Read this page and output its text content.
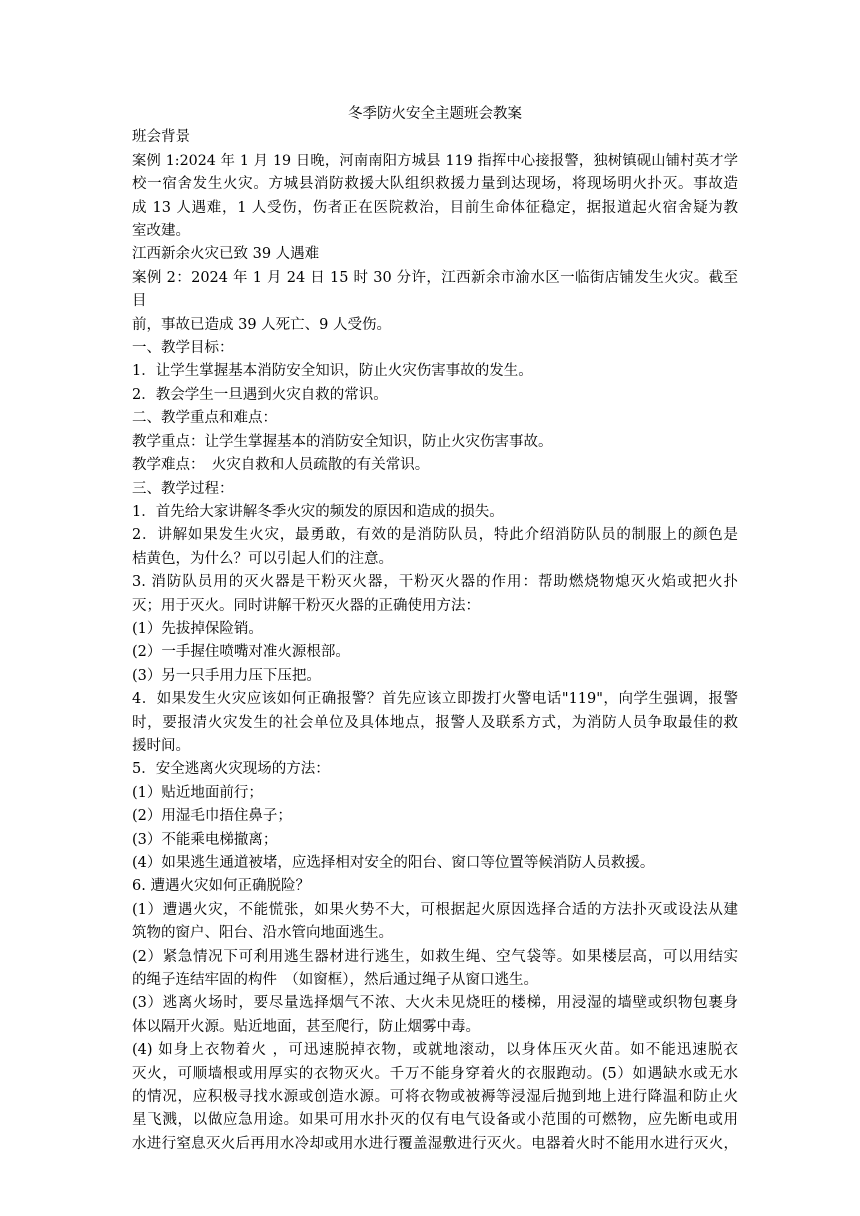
冬季防火安全主题班会教案

班会背景

案例 1:2024 年 1 月 19 日晚，河南南阳方城县 119 指挥中心接报警，独树镇砚山铺村英才学

校一宿舍发生火灾。方城县消防救援大队组织救援力量到达现场，将现场明火扑灭。事故造

成 13 人遇难，1 人受伤，伤者正在医院救治，目前生命体征稳定，据报道起火宿舍疑为教

室改建。

江西新余火灾已致 39 人遇难

案例 2：2024 年 1 月 24 日 15 时 30 分许，江西新余市渝水区一临街店铺发生火灾。截至目

前，事故已造成 39 人死亡、9 人受伤。

一、教学目标：

1．让学生掌握基本消防安全知识，防止火灾伤害事故的发生。

2．教会学生一旦遇到火灾自救的常识。

二、教学重点和难点：

教学重点：让学生掌握基本的消防安全知识，防止火灾伤害事故。

教学难点：　火灾自救和人员疏散的有关常识。

三、教学过程：

1．首先给大家讲解冬季火灾的频发的原因和造成的损失。

2．讲解如果发生火灾，最勇敢，有效的是消防队员，特此介绍消防队员的制服上的颜色是

桔黄色，为什么？可以引起人们的注意。

3. 消防队员用的灭火器是干粉灭火器，干粉灭火器的作用：帮助燃烧物熄灭火焰或把火扑

灭；用于灭火。同时讲解干粉灭火器的正确使用方法：

(1）先拔掉保险销。

(2）一手握住喷嘴对准火源根部。

(3）另一只手用力压下压把。

4．如果发生火灾应该如何正确报警？首先应该立即拨打火警电话"119"，向学生强调，报警

时，要报清火灾发生的社会单位及具体地点，报警人及联系方式，为消防人员争取最佳的救

援时间。

5．安全逃离火灾现场的方法：

(1）贴近地面前行；

(2）用湿毛巾捂住鼻子；

(3）不能乘电梯撤离；

(4）如果逃生通道被堵，应选择相对安全的阳台、窗口等位置等候消防人员救援。

6. 遭遇火灾如何正确脱险？

(1）遭遇火灾，不能慌张，如果火势不大，可根据起火原因选择合适的方法扑灭或设法从建

筑物的窗户、阳台、沿水管向地面逃生。

(2）紧急情况下可利用逃生器材进行逃生，如救生绳、空气袋等。如果楼层高，可以用结实

的绳子连结牢固的构件　（如窗框），然后通过绳子从窗口逃生。

(3）逃离火场时，要尽量选择烟气不浓、大火未见烧旺的楼梯，用浸湿的墙壁或织物包裹身

体以隔开火源。贴近地面，甚至爬行，防止烟雾中毒。

(4) 如身上衣物着火 ，可迅速脱掉衣物，或就地滚动，以身体压灭火苗。如不能迅速脱衣

灭火，可顺墙根或用厚实的衣物灭火。千万不能身穿着火的衣服跑动。(5）如遇缺水或无水

的情况，应积极寻找水源或创造水源。可将衣物或被褥等浸湿后抛到地上进行降温和防止火

星飞溅，以做应急用途。如果可用水扑灭的仅有电气设备或小范围的可燃物，应先断电或用

水进行窒息灭火后再用水冷却或用水进行覆盖湿敷进行灭火。电器着火时不能用水进行灭火，
